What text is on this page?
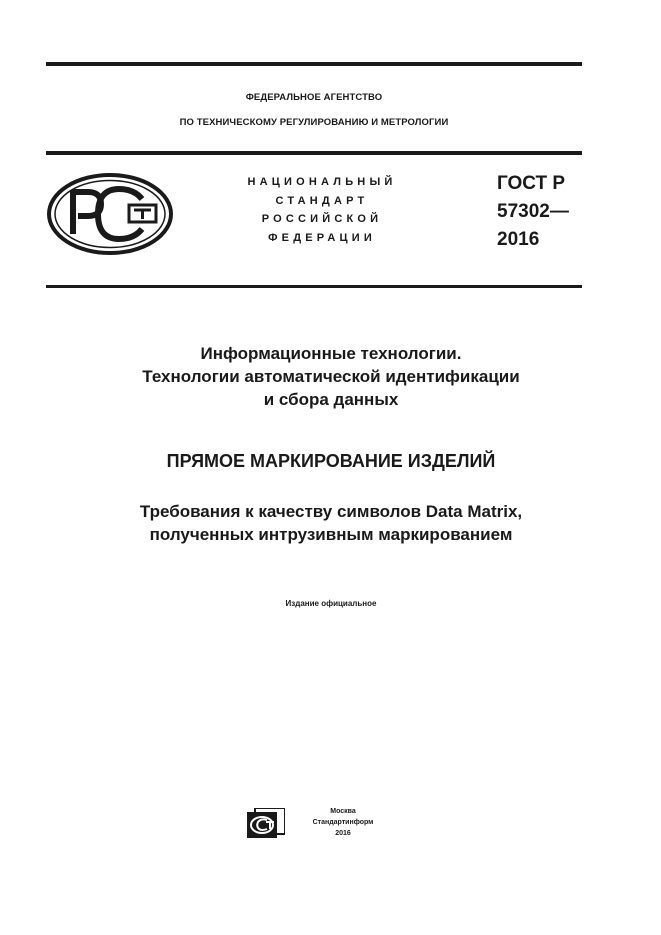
ФЕДЕРАЛЬНОЕ АГЕНТСТВО
ПО ТЕХНИЧЕСКОМУ РЕГУЛИРОВАНИЮ И МЕТРОЛОГИИ
НАЦИОНАЛЬНЫЙ
СТАНДАРТ
РОССИЙСКОЙ
ФЕДЕРАЦИИ
ГОСТ Р
57302—
2016
Информационные технологии.
Технологии автоматической идентификации
и сбора данных
ПРЯМОЕ МАРКИРОВАНИЕ ИЗДЕЛИЙ
Требования к качеству символов Data Matrix,
полученных интрузивным маркированием
Издание официальное
Москва
Стандартинформ
2016
